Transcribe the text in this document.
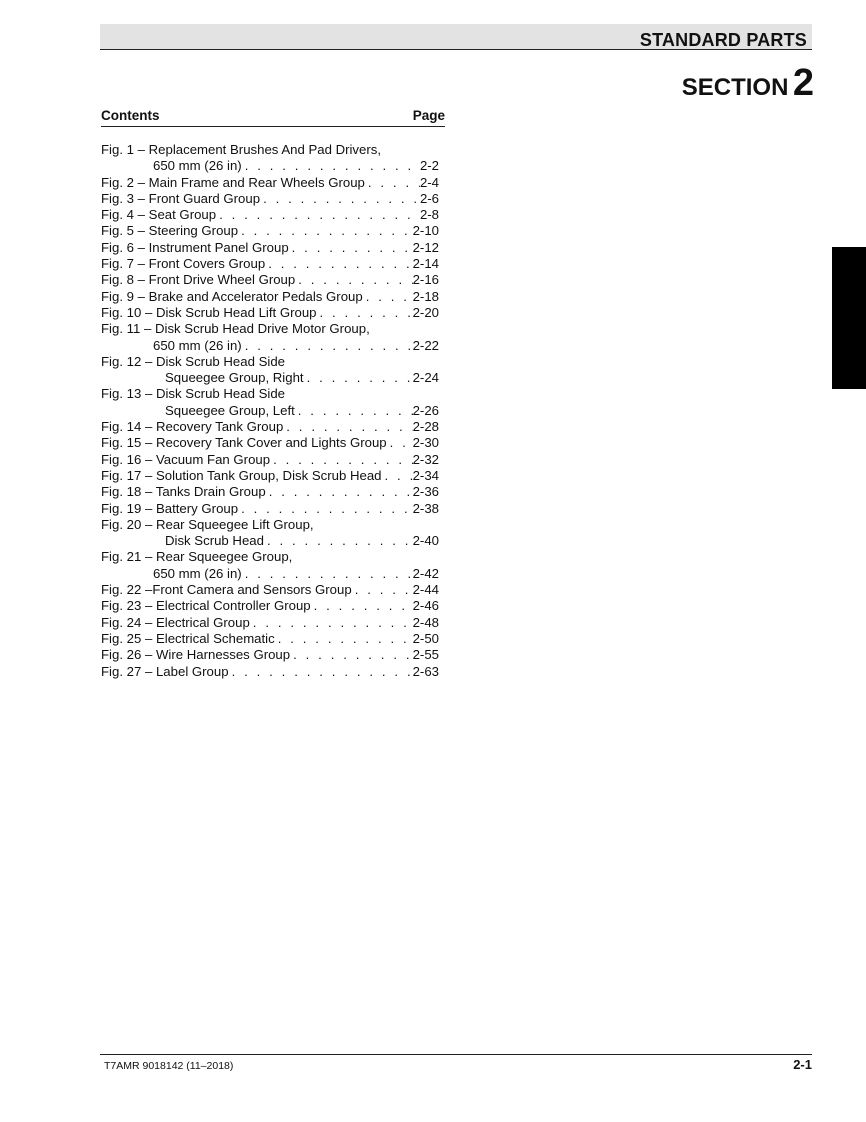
STANDARD PARTS
SECTION 2
Contents	Page
Fig. 1 – Replacement Brushes And Pad Drivers,
650 mm (26 in) . . .	2-2
Fig. 2 – Main Frame and Rear Wheels Group . . .	2-4
Fig. 3 – Front Guard Group . . .	2-6
Fig. 4 – Seat Group . . .	2-8
Fig. 5 – Steering Group . . .	2-10
Fig. 6 – Instrument Panel Group . . .	2-12
Fig. 7 – Front Covers Group . . .	2-14
Fig. 8 – Front Drive Wheel Group . . .	2-16
Fig. 9 – Brake and Accelerator Pedals Group . . .	2-18
Fig. 10 – Disk Scrub Head Lift Group . . .	2-20
Fig. 11 – Disk Scrub Head Drive Motor Group,
650 mm (26 in) . . .	2-22
Fig. 12 – Disk Scrub Head Side
Squeegee Group, Right . . .	2-24
Fig. 13 – Disk Scrub Head Side
Squeegee Group, Left . . .	2-26
Fig. 14 – Recovery Tank Group . . .	2-28
Fig. 15 – Recovery Tank Cover and Lights Group . . . 2-30
Fig. 16 – Vacuum Fan Group . . .	2-32
Fig. 17 – Solution Tank Group, Disk Scrub Head . . . 2-34
Fig. 18 – Tanks Drain Group . . .	2-36
Fig. 19 – Battery Group . . .	2-38
Fig. 20 – Rear Squeegee Lift Group,
Disk Scrub Head . . .	2-40
Fig. 21 – Rear Squeegee Group,
650 mm (26 in) . . .	2-42
Fig. 22 –Front Camera and Sensors Group . . .	2-44
Fig. 23 – Electrical Controller Group . . .	2-46
Fig. 24 – Electrical Group . . .	2-48
Fig. 25 – Electrical Schematic . . .	2-50
Fig. 26 – Wire Harnesses Group . . .	2-55
Fig. 27 – Label Group . . .	2-63
T7AMR 9018142 (11–2018)	2-1
